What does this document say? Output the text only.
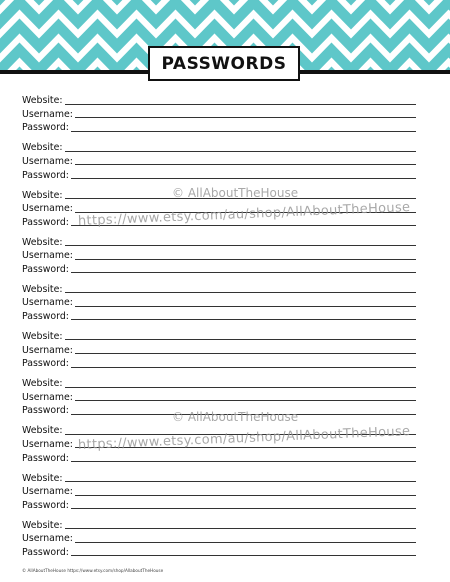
PASSWORDS
Website:
Username:
Password:
Website:
Username:
Password:
Website:
Username:
Password:
Website:
Username:
Password:
Website:
Username:
Password:
Website:
Username:
Password:
Website:
Username:
Password:
Website:
Username:
Password:
Website:
Username:
Password:
Website:
Username:
Password:
© AllAboutTheHouse
https://www.etsy.com/au/shop/AllAboutTheHouse
© AllAboutTheHouse
https://www.etsy.com/au/shop/AllAboutTheHouse
© AllAboutTheHouse https://www.etsy.com/shop/AllaboutTheHouse
